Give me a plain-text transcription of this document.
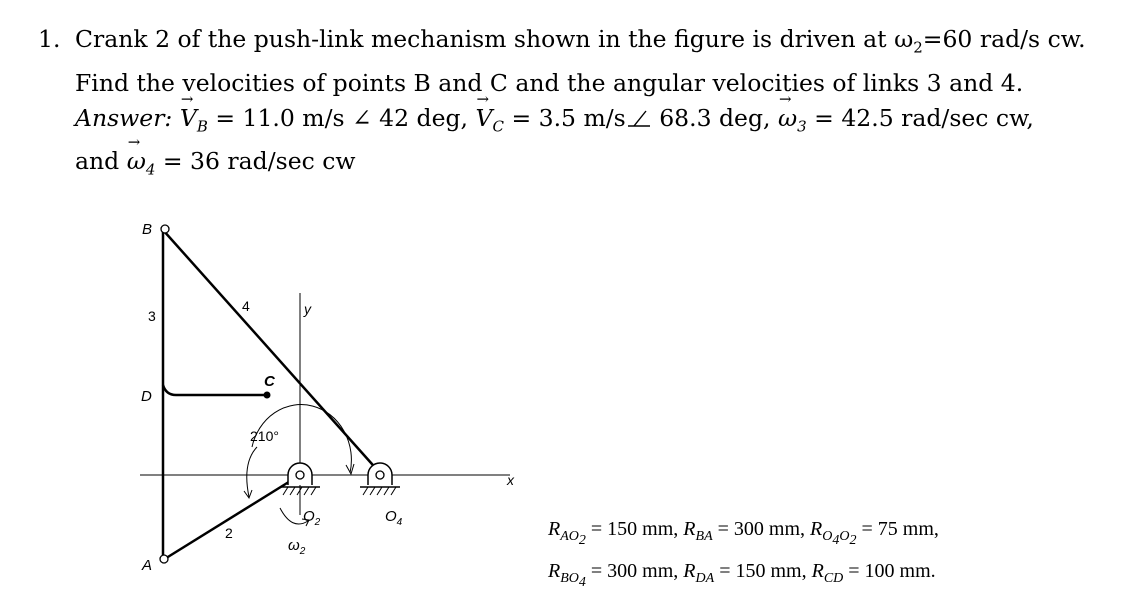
1. Crank 2 of the push-link mechanism shown in the figure is driven at $\omega_2=60$ rad/s cw.
Find the velocities of points B and C and the angular velocities of links 3 and 4.
Answer: → $V_B = 11.0$ m/s ∠ 42 deg, → $V_C = 3.5$ m/s 68.3 deg, → $\omega_3 = 42.5$ rad/sec cw,
and → $\omega_4 = 36$ rad/sec cw
x
y
B
A
D
C
3
4
2
210°
$O_2$	$O_4$
$\omega_2$
$R_{AO_2} = 150$ mm, $R_{BA} = 300$ mm, $R_{O_4O_2} = 75$ mm,
$R_{BO_4} = 300$ mm, $R_{DA} = 150$ mm, $R_{CD} = 100$ mm.
